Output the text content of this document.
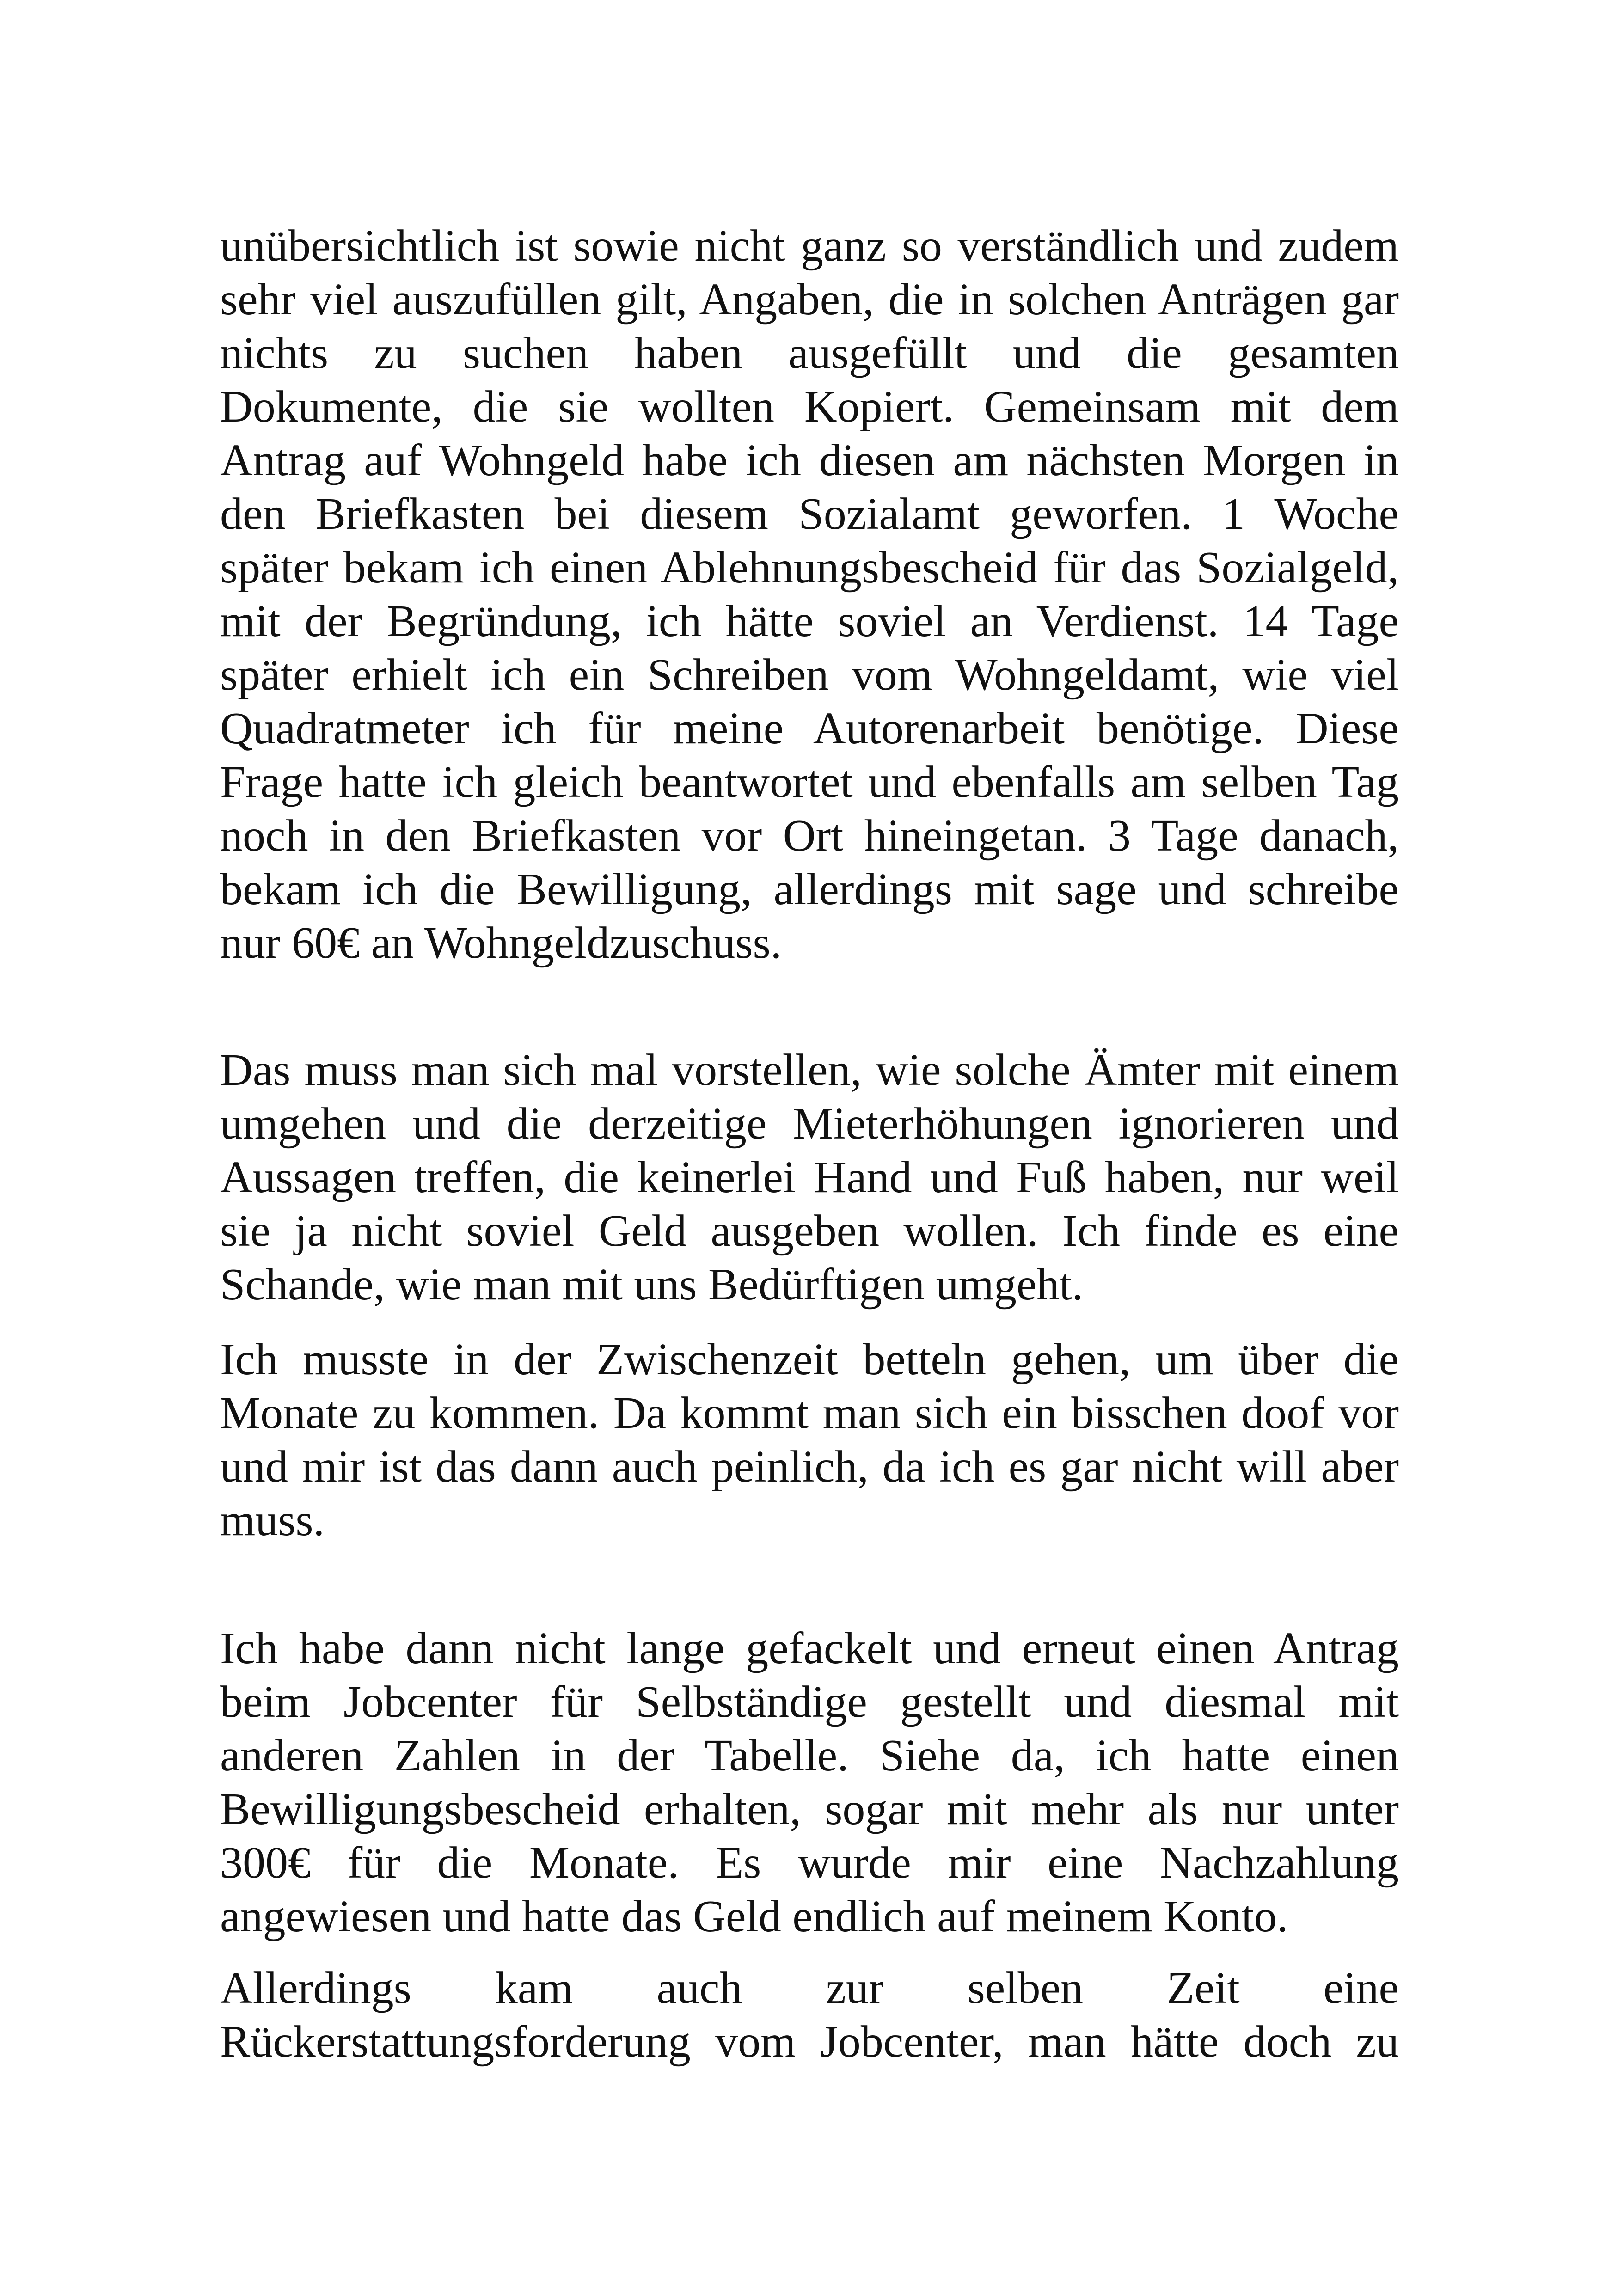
unübersichtlich ist sowie nicht ganz so verständlich und zudem
sehr viel auszufüllen gilt, Angaben, die in solchen Anträgen gar
nichts zu suchen haben ausgefüllt und die gesamten
Dokumente, die sie wollten Kopiert. Gemeinsam mit dem
Antrag auf Wohngeld habe ich diesen am nächsten Morgen in
den Briefkasten bei diesem Sozialamt geworfen. 1 Woche
später bekam ich einen Ablehnungsbescheid für das Sozialgeld,
mit der Begründung, ich hätte soviel an Verdienst. 14 Tage
später erhielt ich ein Schreiben vom Wohngeldamt, wie viel
Quadratmeter ich für meine Autorenarbeit benötige. Diese
Frage hatte ich gleich beantwortet und ebenfalls am selben Tag
noch in den Briefkasten vor Ort hineingetan. 3 Tage danach,
bekam ich die Bewilligung, allerdings mit sage und schreibe
nur 60€ an Wohngeldzuschuss.
Das muss man sich mal vorstellen, wie solche Ämter mit einem
umgehen und die derzeitige Mieterhöhungen ignorieren und
Aussagen treffen, die keinerlei Hand und Fuß haben, nur weil
sie ja nicht soviel Geld ausgeben wollen. Ich finde es eine
Schande, wie man mit uns Bedürftigen umgeht.
Ich musste in der Zwischenzeit betteln gehen, um über die
Monate zu kommen. Da kommt man sich ein bisschen doof vor
und mir ist das dann auch peinlich, da ich es gar nicht will aber
muss.
Ich habe dann nicht lange gefackelt und erneut einen Antrag
beim Jobcenter für Selbständige gestellt und diesmal mit
anderen Zahlen in der Tabelle. Siehe da, ich hatte einen
Bewilligungsbescheid erhalten, sogar mit mehr als nur unter
300€ für die Monate. Es wurde mir eine Nachzahlung
angewiesen und hatte das Geld endlich auf meinem Konto.
Allerdings kam auch zur selben Zeit eine
Rückerstattungsforderung vom Jobcenter, man hätte doch zu
